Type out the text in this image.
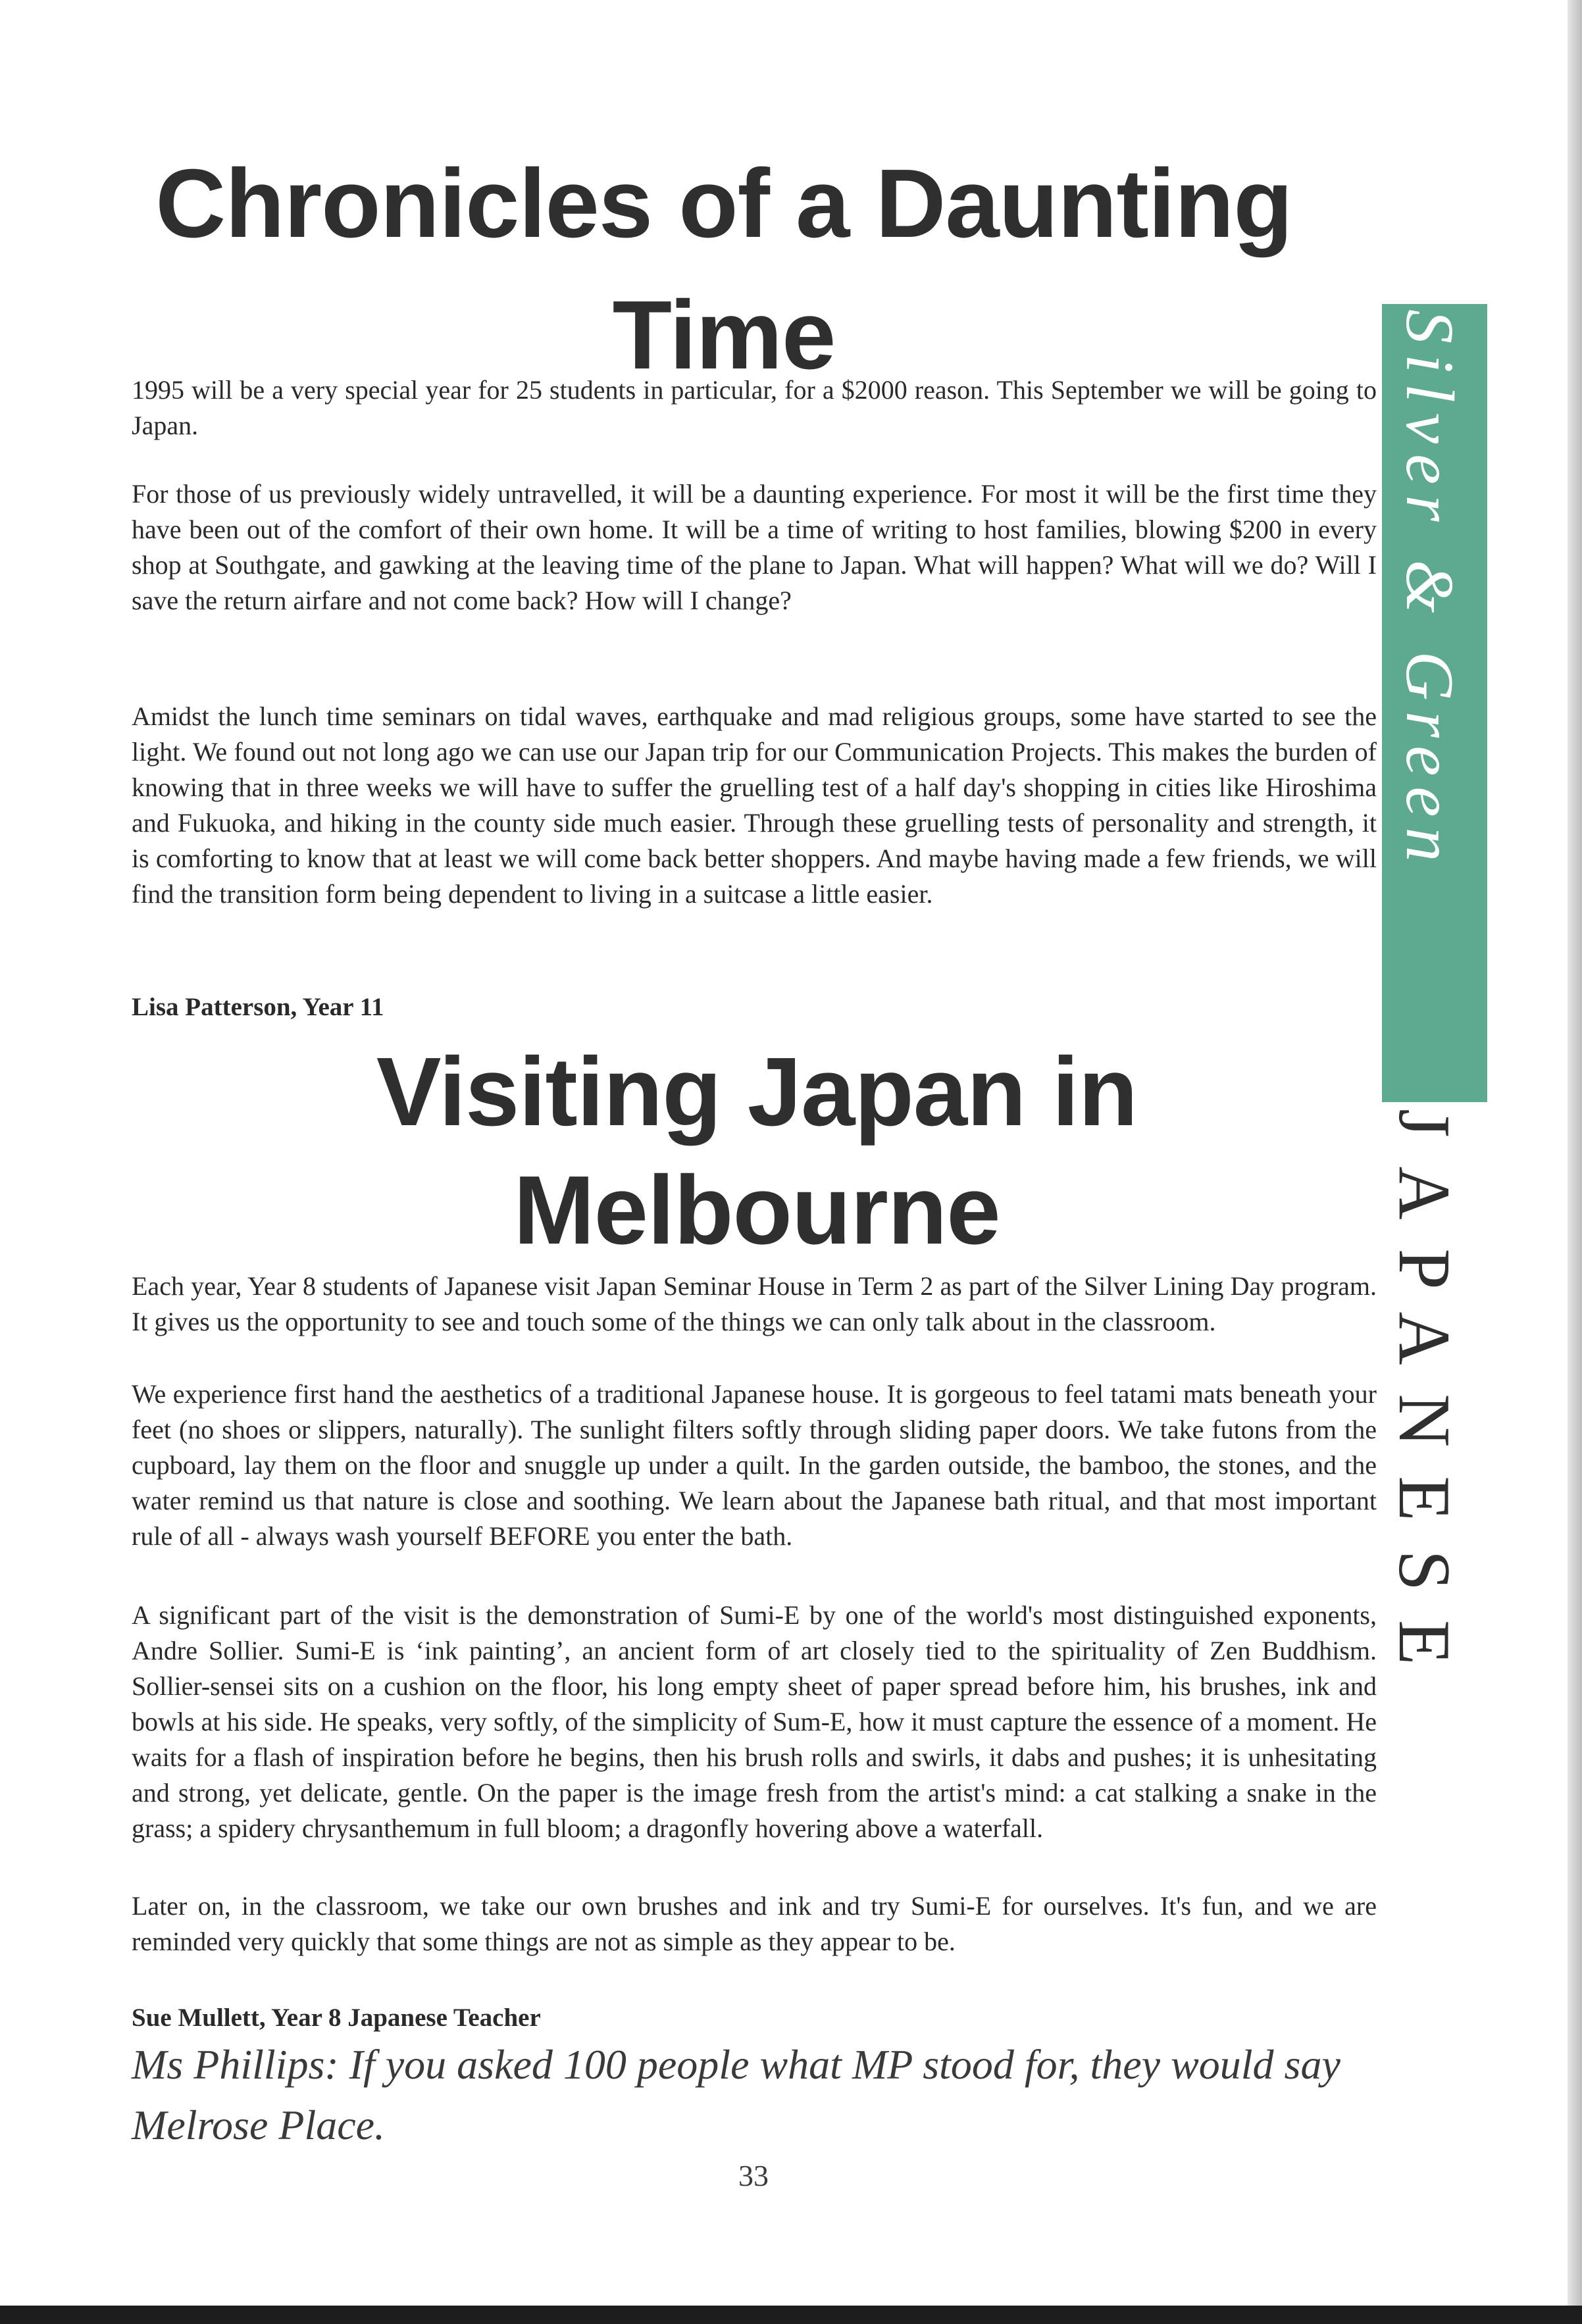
Chronicles of a Daunting Time

1995 will be a very special year for 25 students in particular, for a $2000 reason. This September we will be going to Japan.

For those of us previously widely untravelled, it will be a daunting experience. For most it will be the first time they have been out of the comfort of their own home. It will be a time of writing to host families, blowing $200 in every shop at Southgate, and gawking at the leaving time of the plane to Japan. What will happen? What will we do? Will I save the return airfare and not come back? How will I change?

Amidst the lunch time seminars on tidal waves, earthquake and mad religious groups, some have started to see the light. We found out not long ago we can use our Japan trip for our Communication Projects. This makes the burden of knowing that in three weeks we will have to suffer the gruelling test of a half day's shopping in cities like Hiroshima and Fukuoka, and hiking in the county side much easier. Through these gruelling tests of personality and strength, it is comforting to know that at least we will come back better shoppers. And maybe having made a few friends, we will find the transition form being dependent to living in a suitcase a little easier.

Lisa Patterson, Year 11

Visiting Japan in Melbourne

Each year, Year 8 students of Japanese visit Japan Seminar House in Term 2 as part of the Silver Lining Day program. It gives us the opportunity to see and touch some of the things we can only talk about in the classroom.

We experience first hand the aesthetics of a traditional Japanese house. It is gorgeous to feel tatami mats beneath your feet (no shoes or slippers, naturally). The sunlight filters softly through sliding paper doors. We take futons from the cupboard, lay them on the floor and snuggle up under a quilt. In the garden outside, the bamboo, the stones, and the water remind us that nature is close and soothing. We learn about the Japanese bath ritual, and that most important rule of all - always wash yourself BEFORE you enter the bath.

A significant part of the visit is the demonstration of Sumi-E by one of the world's most distinguished exponents, Andre Sollier. Sumi-E is ‘ink painting’, an ancient form of art closely tied to the spirituality of Zen Buddhism. Sollier-sensei sits on a cushion on the floor, his long empty sheet of paper spread before him, his brushes, ink and bowls at his side. He speaks, very softly, of the simplicity of Sum-E, how it must capture the essence of a moment. He waits for a flash of inspiration before he begins, then his brush rolls and swirls, it dabs and pushes; it is unhesitating and strong, yet delicate, gentle. On the paper is the image fresh from the artist's mind: a cat stalking a snake in the grass; a spidery chrysanthemum in full bloom; a dragonfly hovering above a waterfall.

Later on, in the classroom, we take our own brushes and ink and try Sumi-E for ourselves. It's fun, and we are reminded very quickly that some things are not as simple as they appear to be.

Sue Mullett, Year 8 Japanese Teacher

Ms Phillips: If you asked 100 people what MP stood for, they would say Melrose Place.

33
Silver & Green
JAPANESE
